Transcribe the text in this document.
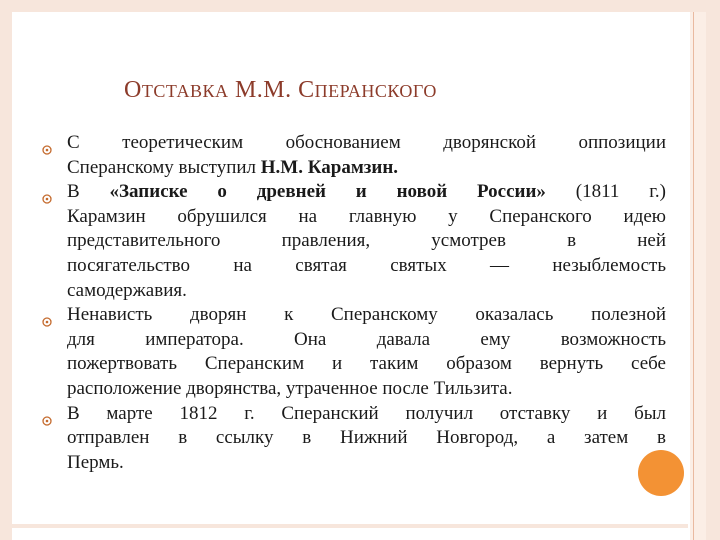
ОТСТАВКА М.М. СПЕРАНСКОГО
С теоретическим обоснованием дворянской оппозиции
Сперанскому выступил Н.М. Карамзин.
В «Записке о древней и новой России» (1811 г.)
Карамзин обрушился на главную у Сперанского идею
представительного правления, усмотрев в ней
посягательство на святая святых — незыблемость
самодержавия.
Ненависть дворян к Сперанскому оказалась полезной
для императора. Она давала ему возможность
пожертвовать Сперанским и таким образом вернуть себе
расположение дворянства, утраченное после Тильзита.
В марте 1812 г. Сперанский получил отставку и был
отправлен в ссылку в Нижний Новгород, а затем в
Пермь.
